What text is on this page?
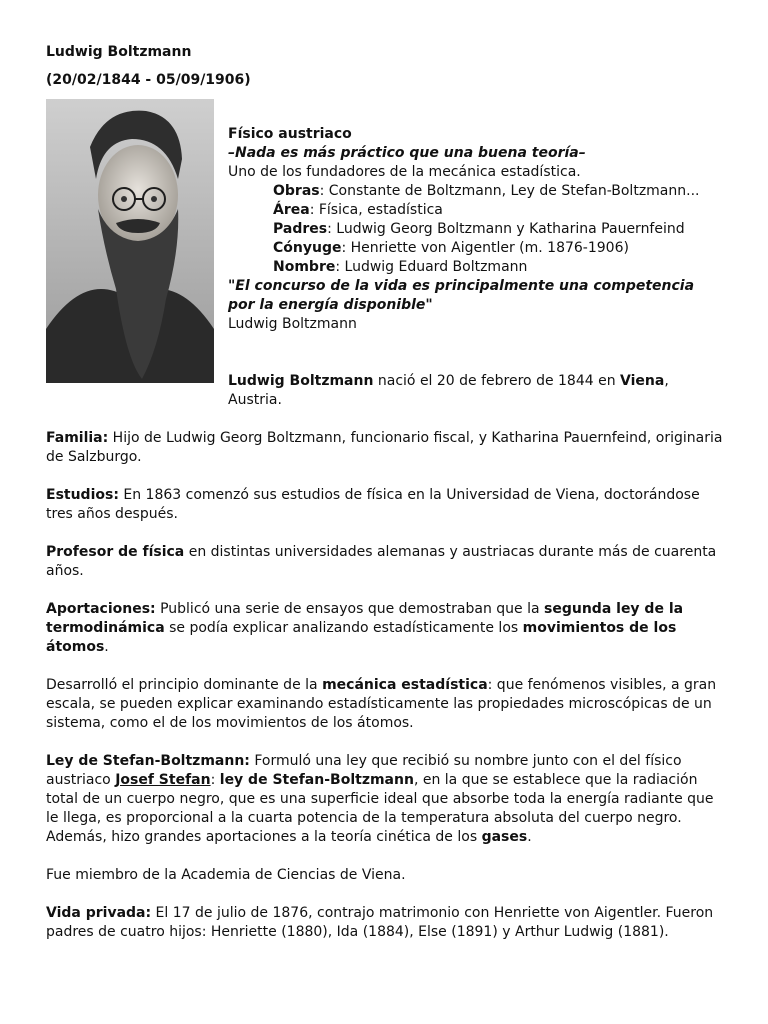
Ludwig Boltzmann

(20/02/1844 - 05/09/1906)

Físico austriaco

–Nada es más práctico que una buena teoría–

Uno de los fundadores de la mecánica estadística.

Obras: Constante de Boltzmann, Ley de Stefan-Boltzmann...

Área: Física, estadística

Padres: Ludwig Georg Boltzmann y Katharina Pauernfeind

Cónyuge: Henriette von Aigentler (m. 1876-1906)

Nombre: Ludwig Eduard Boltzmann

"El concurso de la vida es principalmente una competencia por la energía disponible"

Ludwig Boltzmann

Ludwig Boltzmann nació el 20 de febrero de 1844 en Viena, Austria.

Familia: Hijo de Ludwig Georg Boltzmann, funcionario fiscal, y Katharina Pauernfeind, originaria de Salzburgo.

Estudios: En 1863 comenzó sus estudios de física en la Universidad de Viena, doctorándose tres años después.

Profesor de física en distintas universidades alemanas y austriacas durante más de cuarenta años.

Aportaciones: Publicó una serie de ensayos que demostraban que la segunda ley de la termodinámica se podía explicar analizando estadísticamente los movimientos de los átomos.

Desarrolló el principio dominante de la mecánica estadística: que fenómenos visibles, a gran escala, se pueden explicar examinando estadísticamente las propiedades microscópicas de un sistema, como el de los movimientos de los átomos.

Ley de Stefan-Boltzmann: Formuló una ley que recibió su nombre junto con el del físico austriaco Josef Stefan: ley de Stefan-Boltzmann, en la que se establece que la radiación total de un cuerpo negro, que es una superficie ideal que absorbe toda la energía radiante que le llega, es proporcional a la cuarta potencia de la temperatura absoluta del cuerpo negro. Además, hizo grandes aportaciones a la teoría cinética de los gases.

Fue miembro de la Academia de Ciencias de Viena.

Vida privada: El 17 de julio de 1876, contrajo matrimonio con Henriette von Aigentler. Fueron padres de cuatro hijos: Henriette (1880), Ida (1884), Else (1891) y Arthur Ludwig (1881).
